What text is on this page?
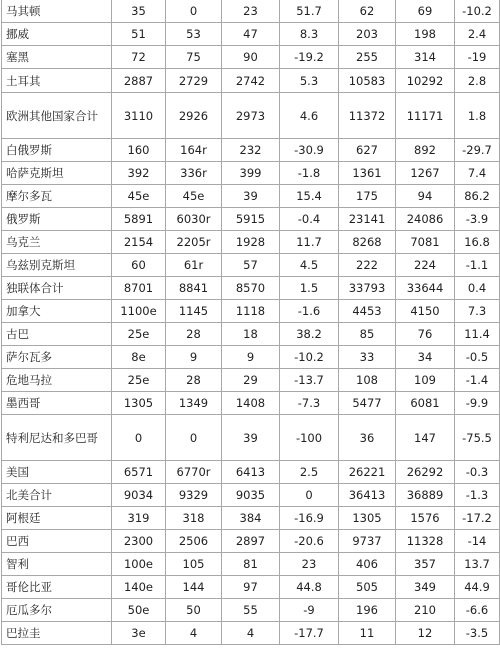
马其顿	35	0	23	51.7	62	69	-10.2
挪威	51	53	47	8.3	203	198	2.4
塞黑	72	75	90	-19.2	255	314	-19
土耳其	2887	2729	2742	5.3	10583	10292	2.8
欧洲其他国家合计	3110	2926	2973	4.6	11372	11171	1.8
白俄罗斯	160	164r	232	-30.9	627	892	-29.7
哈萨克斯坦	392	336r	399	-1.8	1361	1267	7.4
摩尔多瓦	45e	45e	39	15.4	175	94	86.2
俄罗斯	5891	6030r	5915	-0.4	23141	24086	-3.9
乌克兰	2154	2205r	1928	11.7	8268	7081	16.8
乌兹别克斯坦	60	61r	57	4.5	222	224	-1.1
独联体合计	8701	8841	8570	1.5	33793	33644	0.4
加拿大	1100e	1145	1118	-1.6	4453	4150	7.3
古巴	25e	28	18	38.2	85	76	11.4
萨尔瓦多	8e	9	9	-10.2	33	34	-0.5
危地马拉	25e	28	29	-13.7	108	109	-1.4
墨西哥	1305	1349	1408	-7.3	5477	6081	-9.9
特利尼达和多巴哥	0	0	39	-100	36	147	-75.5
美国	6571	6770r	6413	2.5	26221	26292	-0.3
北美合计	9034	9329	9035	0	36413	36889	-1.3
阿根廷	319	318	384	-16.9	1305	1576	-17.2
巴西	2300	2506	2897	-20.6	9737	11328	-14
智利	100e	105	81	23	406	357	13.7
哥伦比亚	140e	144	97	44.8	505	349	44.9
厄瓜多尔	50e	50	55	-9	196	210	-6.6
巴拉圭	3e	4	4	-17.7	11	12	-3.5
